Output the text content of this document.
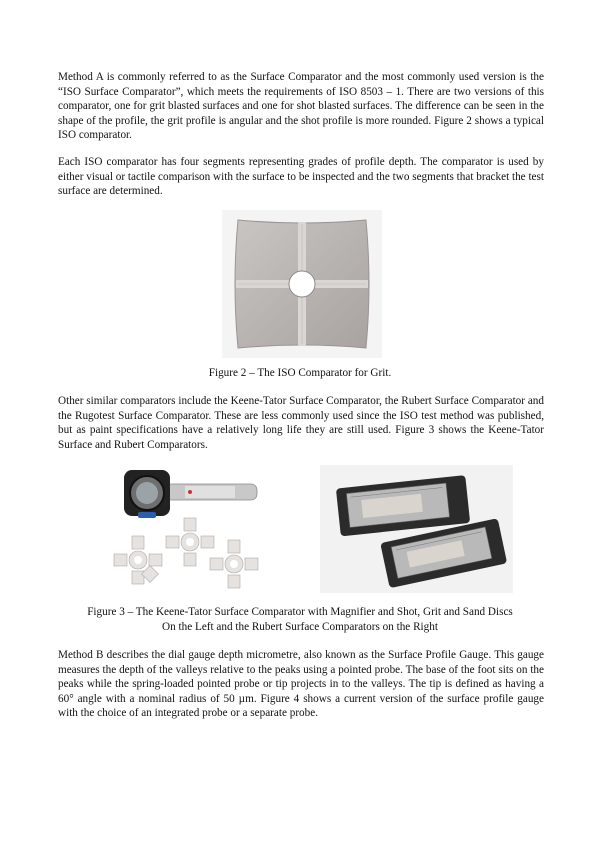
Method A is commonly referred to as the Surface Comparator and the most commonly used version is the “ISO Surface Comparator”, which meets the requirements of ISO 8503 – 1. There are two versions of this comparator, one for grit blasted surfaces and one for shot blasted surfaces. The difference can be seen in the shape of the profile, the grit profile is angular and the shot profile is more rounded. Figure 2 shows a typical ISO comparator.

Each ISO comparator has four segments representing grades of profile depth. The comparator is used by either visual or tactile comparison with the surface to be inspected and the two segments that bracket the test surface are determined.

Figure 2 – The ISO Comparator for Grit.

Other similar comparators include the Keene-Tator Surface Comparator, the Rubert Surface Comparator and the Rugotest Surface Comparator. These are less commonly used since the ISO test method was published, but as paint specifications have a relatively long life they are still used. Figure 3 shows the Keene-Tator Surface and Rubert Comparators.

Figure 3 – The Keene-Tator Surface Comparator with Magnifier and Shot, Grit and Sand Discs

On the Left and the Rubert Surface Comparators on the Right

Method B describes the dial gauge depth micrometre, also known as the Surface Profile Gauge. This gauge measures the depth of the valleys relative to the peaks using a pointed probe. The base of the foot sits on the peaks while the spring-loaded pointed probe or tip projects in to the valleys. The tip is defined as having a 60° angle with a nominal radius of 50 µm. Figure 4 shows a current version of the surface profile gauge with the choice of an integrated probe or a separate probe.
